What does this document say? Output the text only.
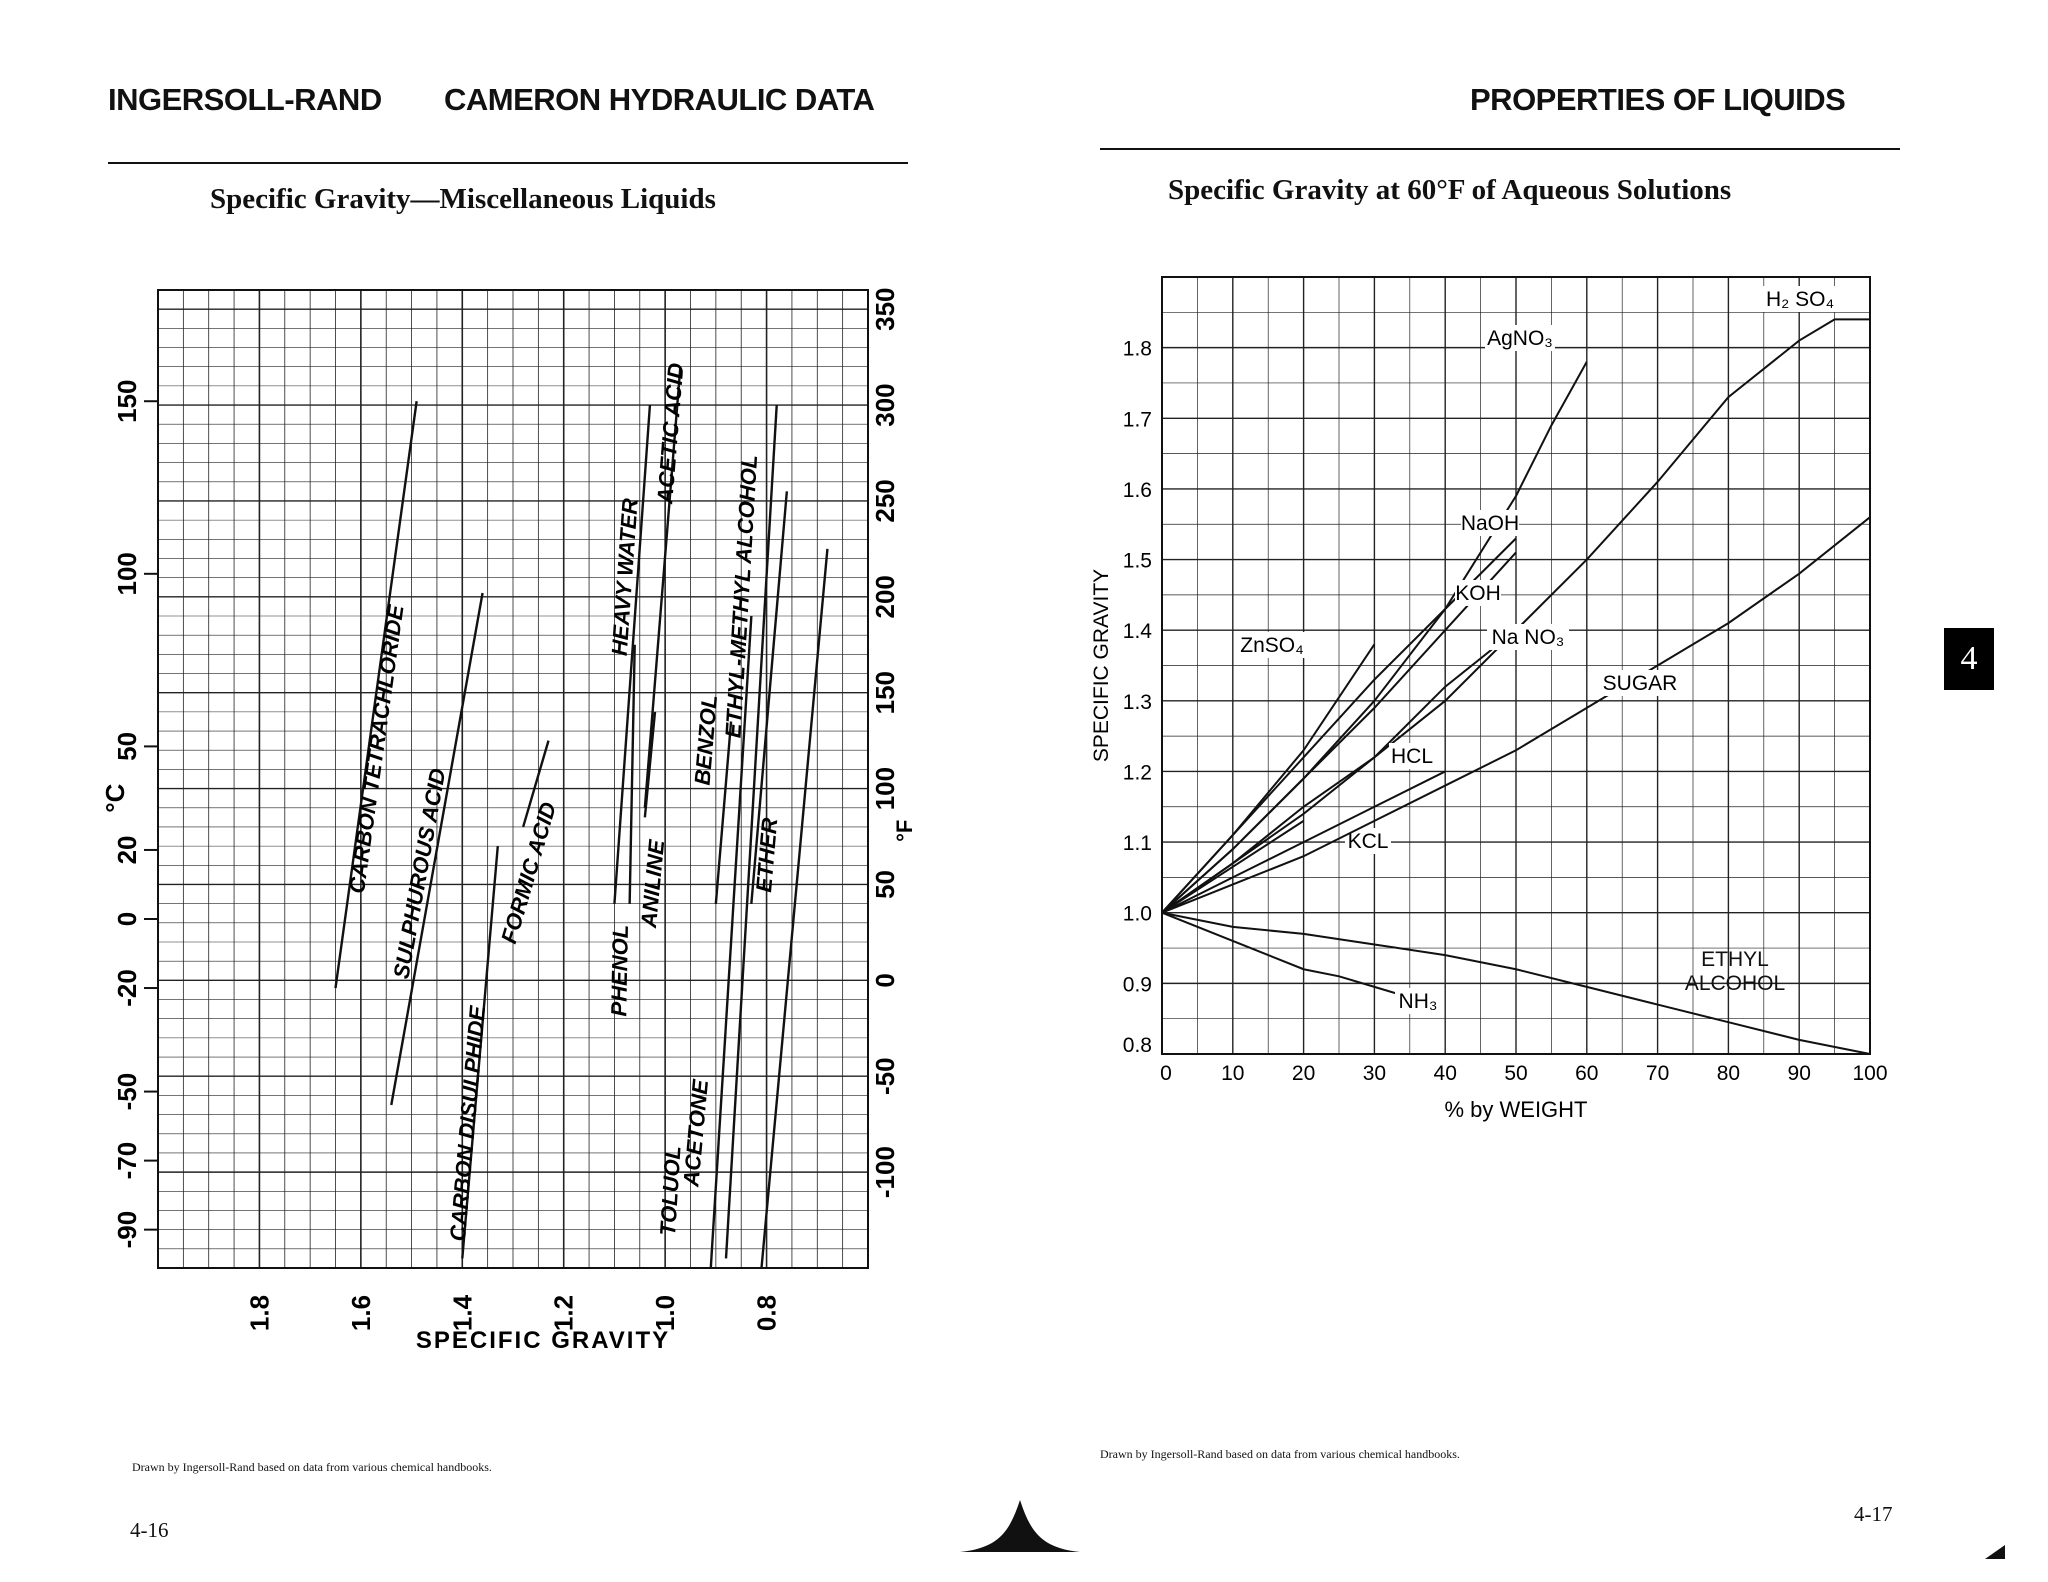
INGERSOLL-RAND CAMERON HYDRAULIC DATA	PROPERTIES OF LIQUIDS
Specific Gravity—Miscellaneous Liquids	Specific Gravity at 60°F of Aqueous Solutions
4
1.8	1.6	1.4	1.2	1.0	0.8
SPECIFIC GRAVITY
150
100
50
20
0
-20
-50
-70
-90
°C
350
300
250
200
150
100
50
0
-50
-100
°F
CARBON TETRACHLORIDE
SULPHUROUS ACID
CARBON DISULPHIDE
FORMIC ACID
HEAVY WATER
PHENOL
ANILINE
ACETIC ACID
BENZOL
ETHYL-METHYL ALCOHOL
ETHER
TOLUOL
ACETONE
0 10 20 30 40 50 60 70 80 90 100
0.8
0.9
1.0
1.1
1.2
1.3
1.4
1.5
1.6
1.7
1.8
% by WEIGHT
SPECIFIC GRAVITY
H₂ SO₄
AgNO₃
NaOH
KOH
Na NO₃
ZnSO₄
HCL
KCL
SUGAR
ETHYL ALCOHOL
NH₃
Drawn by Ingersoll-Rand based on data from various chemical handbooks.
Drawn by Ingersoll-Rand based on data from various chemical handbooks.
4-16
4-17
